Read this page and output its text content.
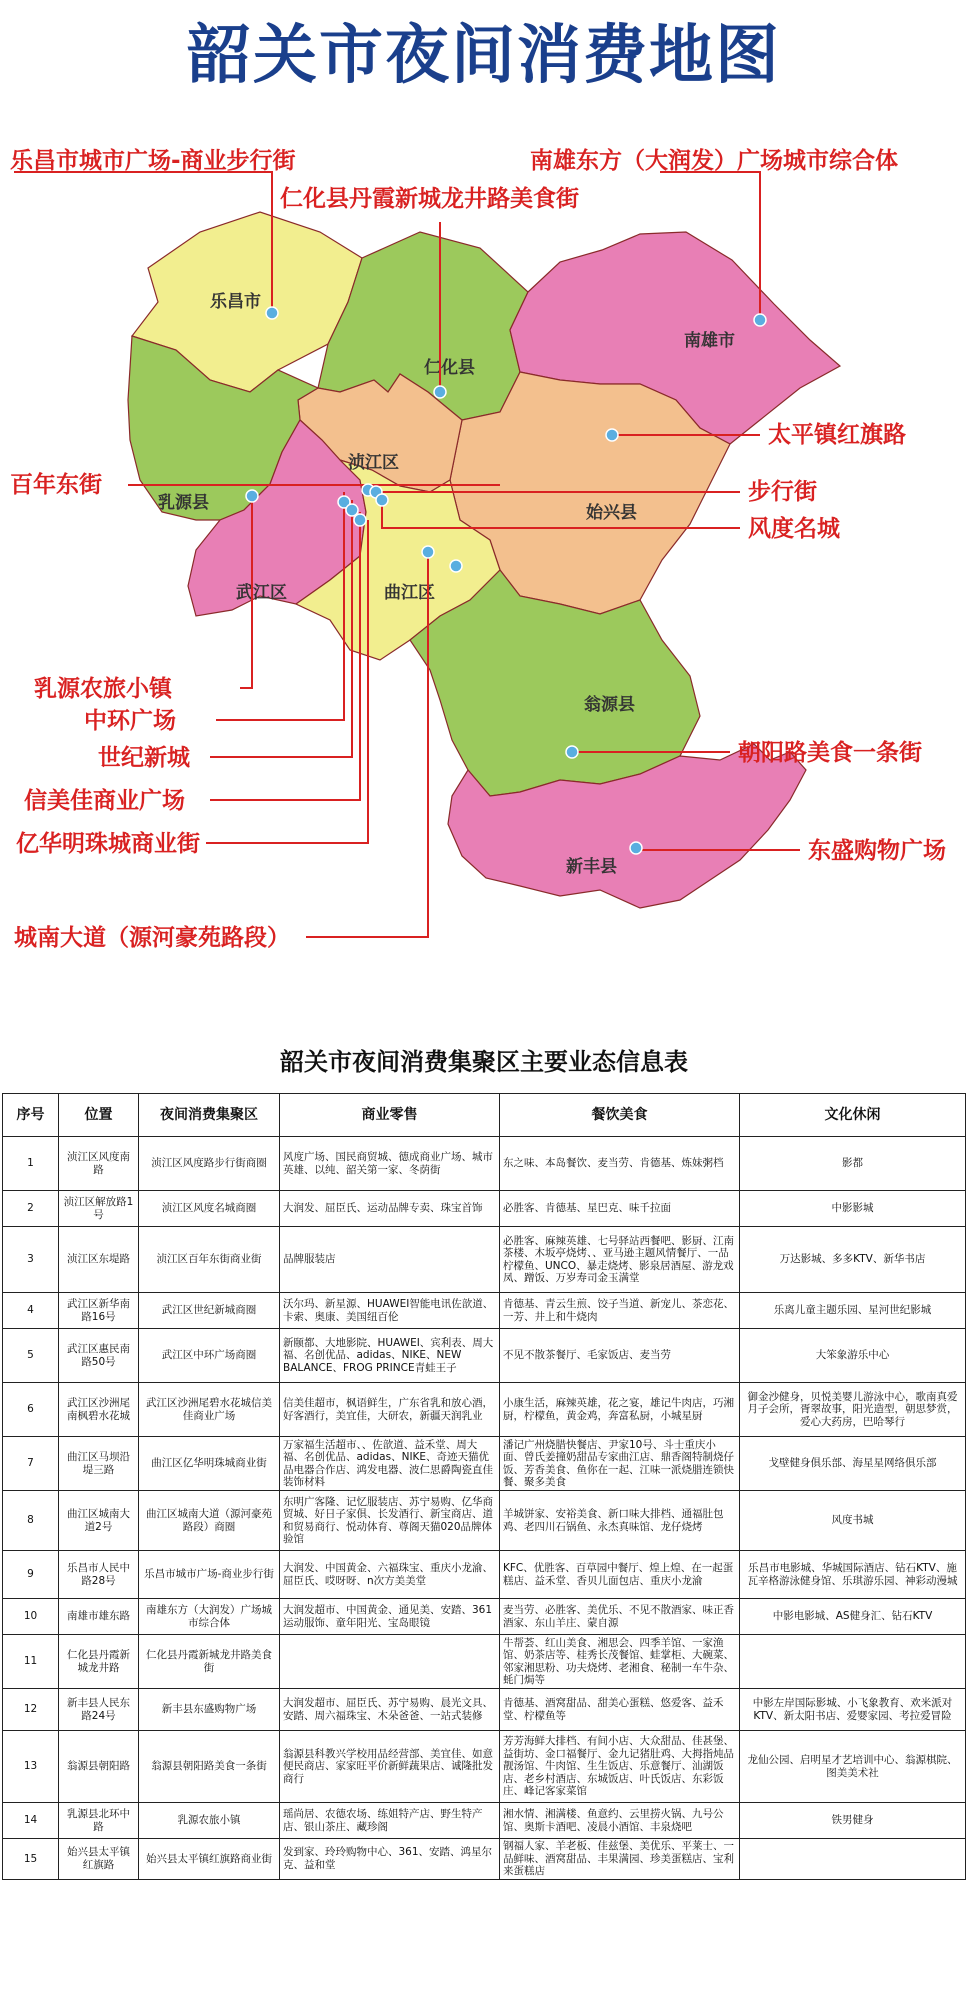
韶关市夜间消费地图
乐昌市
仁化县
南雄市
浈江区
乳源县	始兴县
武江区	曲江区
翁源县
新丰县
乐昌市城市广场-商业步行街
仁化县丹霞新城龙井路美食街
南雄东方（大润发）广场城市综合体
太平镇红旗路
百年东街	步行街
风度名城
乳源农旅小镇
中环广场
世纪新城
信美佳商业广场
亿华明珠城商业街
城南大道（源河豪苑路段）
朝阳路美食一条街
东盛购物广场
韶关市夜间消费集聚区主要业态信息表
序号	位置	夜间消费集聚区	商业零售	餐饮美食	文化休闲
1	浈江区风度南路	浈江区风度路步行街商圈	风度广场、国民商贸城、德成商业广场、城市英雄、以纯、韶关第一家、冬荫街	东之味、本岛餐饮、麦当劳、肯德基、炼妹粥档	影都
2	浈江区解放路1号	浈江区风度名城商圈	大润发、屈臣氏、运动品牌专卖、珠宝首饰	必胜客、肯德基、星巴克、味千拉面	中影影城
3	浈江区东堤路	浈江区百年东街商业街	品牌服装店	必胜客、麻辣英雄、七号驿站西餐吧、影厨、江南茶楼、木坂亭烧烤、、亚马逊主题风情餐厅、一品柠檬鱼、UNCO、暴走烧烤、影泉居酒屋、游龙戏凤、蹭饭、万岁寿司金玉满堂	万达影城、多多KTV、新华书店
4	武江区新华南路16号	武江区世纪新城商圈	沃尔玛、新星源、HUAWEI智能电讯佐歆道、卡索、奥康、美国纽百伦	肯德基、青云生煎、饺子当道、新宠儿、茶恋花、一芳、井上和牛烧肉	乐离儿童主题乐园、星河世纪影城
5	武江区惠民南路50号	武江区中环广场商圈	新颐都、大地影院、HUAWEI、宾利表、周大福、名创优品、adidas、NIKE、NEW BALANCE、FROG PRINCE青蛙王子	不见不散茶餐厅、毛家饭店、麦当劳	大笨象游乐中心
6	武江区沙洲尾南枫碧水花城	武江区沙洲尾碧水花城信美佳商业广场	信美佳超市，枫语鲜生，广东省乳和放心酒，好客酒行，美宜佳，大研农，新疆天润乳业	小康生活，麻辣英雄，花之宴，雄记牛肉店，巧湘厨，柠檬鱼，黄金鸡，奔富私厨，小城星厨	御金沙健身，贝悦美婴儿游泳中心，歌南真爱月子会所，胥翠故事，阳光造型，朝思梦赏，爱心大药房，巴哈琴行
7	曲江区马坝沿堤三路	曲江区亿华明珠城商业街	万家福生活超市、、佐歆道、益禾堂、周大福、名创优品、adidas、NIKE、奇迹天猫优品电器合作店、鸿发电器、波仁思爵陶瓷直佳装饰材料	潘记广州烧腊快餐店、尹家10号、斗士重庆小面、曾氏姜撞奶甜品专家曲江店、鼎香阁特制烧仔饭、芳香美食、鱼你在一起、江味一派烧腊连锁快餐、聚多美食	戈壁健身俱乐部、海星星网络俱乐部
8	曲江区城南大道2号	曲江区城南大道（源河豪苑路段）商圈	东明广客隆、记忆服装店、苏宁易购、亿华商贸城、好日子家俱、长发酒行、新宝商店、道和贸易商行、悦动体育、尊阁天猫020品牌体验馆	羊城饼家、安裕美食、新口味大排档、通福肚包鸡、老四川石锅鱼、永杰真味馆、龙仔烧烤	风度书城
9	乐昌市人民中路28号	乐昌市城市广场-商业步行街	大润发、中国黄金、六福珠宝、重庆小龙渝、屈臣氏、哎呀呀、n次方美美堂	KFC、优胜客、百草园中餐厅、煌上煌、在一起蛋糕店、益禾堂、香贝儿面包店、重庆小龙渝	乐昌市电影城、华城国际酒店、钻石KTV、施瓦辛格游泳健身馆、乐琪游乐园、神彩动漫城
10	南雄市雄东路	南雄东方（大润发）广场城市综合体	大润发超市、中国黄金、通见美、安踏、361运动服饰、童年阳光、宝岛眼镜	麦当劳、必胜客、美优乐、不见不散酒家、味正香酒家、东山羊庄、蒙自源	中影电影城、AS健身汇、钻石KTV
11	仁化县丹霞新城龙井路	仁化县丹霞新城龙井路美食街		牛帮荟、红山美食、湘思会、四季羊馆、一家渔馆、奶茶店等、桂秀长茂餐馆、蛙掌柜、大碗菜、邻家湘思粉、功夫烧烤、老湘食、秘制一车牛杂、蚝门焗等	
12	新丰县人民东路24号	新丰县东盛购物广场	大润发超市、屈臣氏、苏宁易购、晨光文具、安踏、周六福珠宝、木朵爸爸、一站式装修	肯德基、酒窝甜品、甜美心蛋糕、悠爱客、益禾堂、柠檬鱼等	中影左岸国际影城、小飞象教育、欢米派对KTV、新太阳书店、爱婴家园、考拉爱冒险
13	翁源县朝阳路	翁源县朝阳路美食一条街	翁源县科教兴学校用品经营部、美宜佳、如意便民商店、家家旺平价新鲜蔬果店、诚隆批发商行	芳芳海鲜大排档、有间小店、大众甜品、佳甚堡、益街坊、金口福餐厅、金九记猪肚鸡、大拇指炖品靓汤馆、牛肉馆、生生饭店、乐意餐厅、汕湖饭店、老乡村酒店、东城饭店、叶氏饭店、东彩饭庄、峰记客家菜馆	龙仙公园、启明星才艺培训中心、翁源棋院、图美美术社
14	乳源县北环中路	乳源农旅小镇	瑶尚居、农德农场、练姐特产店、野生特产店、银山茶庄、藏珍阁	湘水情、湘满楼、鱼意约、云里捞火锅、九号公馆、奥斯卡酒吧、凌晨小酒馆、丰泉烧吧	铁男健身
15	始兴县太平镇红旗路	始兴县太平镇红旗路商业街	发到家、玲玲购物中心、361、安踏、鸿星尔克、益和堂	钢福人家、羊老板、佳兹堡、美优乐、平莱士、一品鲜味、酒窝甜品、丰果满园、珍美蛋糕店、宝利来蛋糕店	
